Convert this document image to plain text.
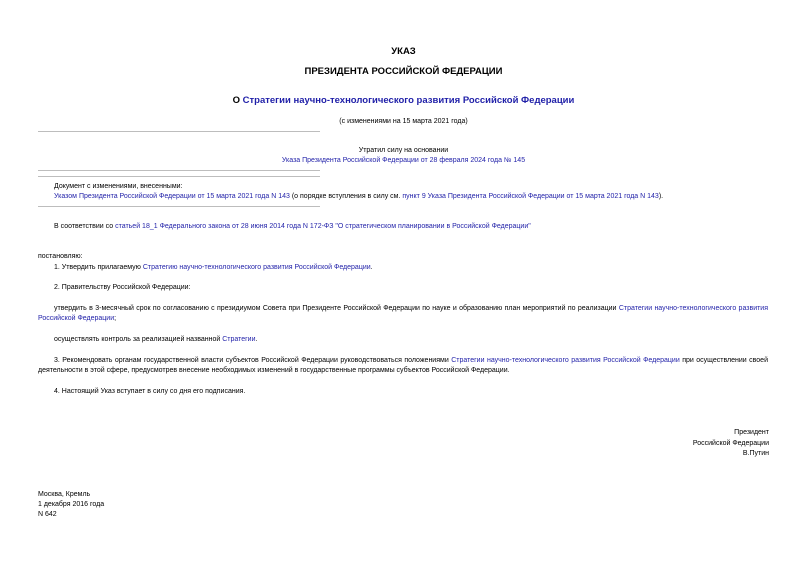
УКАЗ
ПРЕЗИДЕНТА РОССИЙСКОЙ ФЕДЕРАЦИИ
О Стратегии научно-технологического развития Российской Федерации
(с изменениями на 15 марта 2021 года)
Утратил силу на основании
Указа Президента Российской Федерации от 28 февраля 2024 года № 145
Документ с изменениями, внесенными:
Указом Президента Российской Федерации от 15 марта 2021 года N 143 (о порядке вступления в силу см. пункт 9 Указа Президента Российской Федерации от 15 марта 2021 года N 143).
В соответствии со статьей 18_1 Федерального закона от 28 июня 2014 года N 172-ФЗ "О стратегическом планировании в Российской Федерации"
постановляю:
1. Утвердить прилагаемую Стратегию научно-технологического развития Российской Федерации.
2. Правительству Российской Федерации:
утвердить в 3-месячный срок по согласованию с президиумом Совета при Президенте Российской Федерации по науке и образованию план мероприятий по реализации Стратегии научно-технологического развития Российской Федерации;
осуществлять контроль за реализацией названной Стратегии.
3. Рекомендовать органам государственной власти субъектов Российской Федерации руководствоваться положениями Стратегии научно-технологического развития Российской Федерации при осуществлении своей деятельности в этой сфере, предусмотрев внесение необходимых изменений в государственные программы субъектов Российской Федерации.
4. Настоящий Указ вступает в силу со дня его подписания.
Президент
Российской Федерации
В.Путин
Москва, Кремль
1 декабря 2016 года
N 642
